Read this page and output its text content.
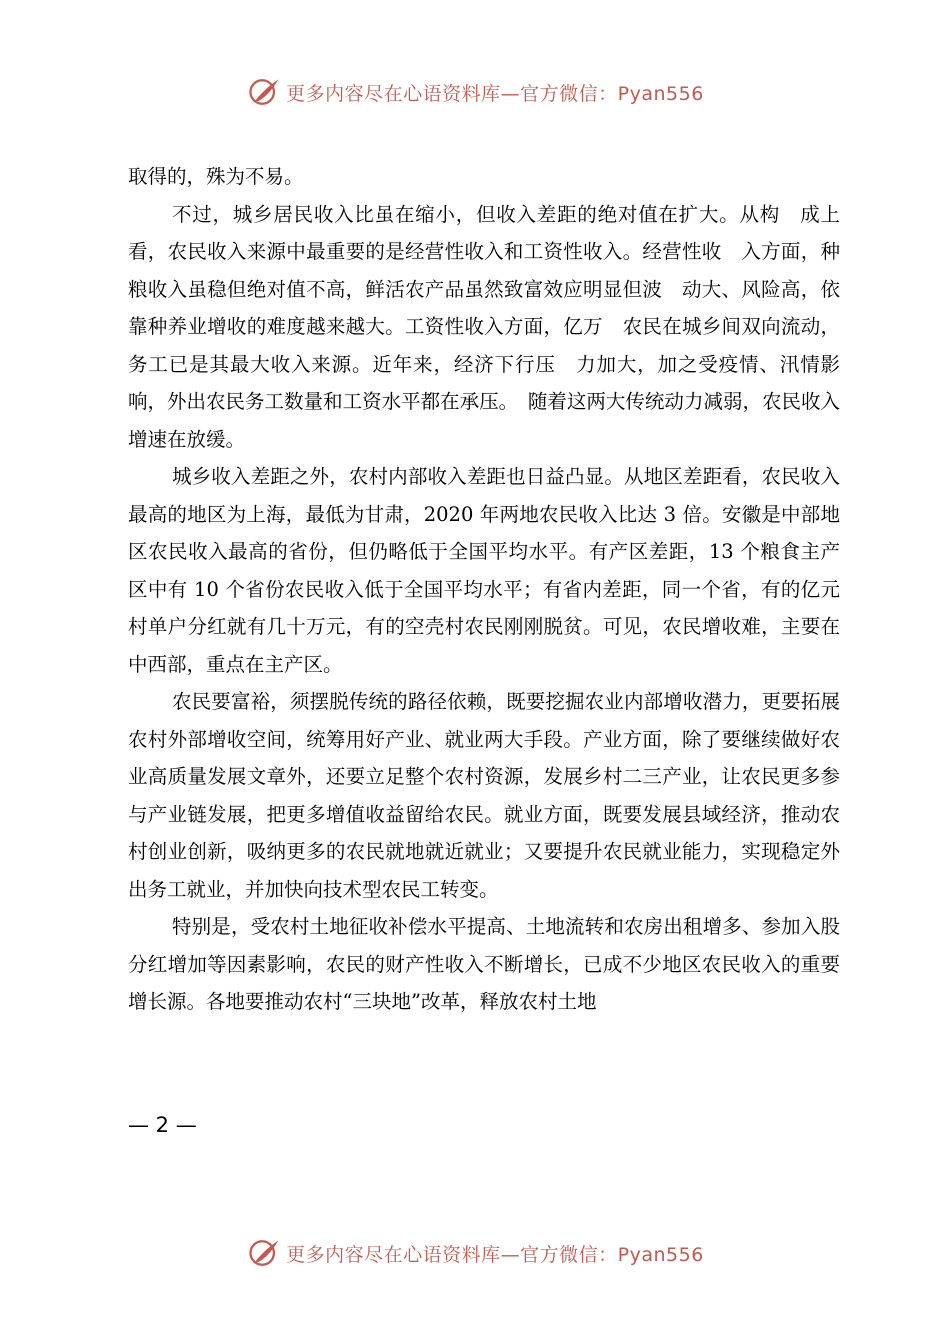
更多内容尽在心语资料库—官方微信：Pyan556

取得的，殊为不易。

不过，城乡居民收入比虽在缩小，但收入差距的绝对值在扩大。从构　成上看，农民收入来源中最重要的是经营性收入和工资性收入。经营性收　入方面，种粮收入虽稳但绝对值不高，鲜活农产品虽然致富效应明显但波　动大、风险高，依靠种养业增收的难度越来越大。工资性收入方面，亿万　农民在城乡间双向流动，务工已是其最大收入来源。近年来，经济下行压　力加大，加之受疫情、汛情影响，外出农民务工数量和工资水平都在承压。　随着这两大传统动力减弱，农民收入增速在放缓。

城乡收入差距之外，农村内部收入差距也日益凸显。从地区差距看，农民收入最高的地区为上海，最低为甘肃，2020 年两地农民收入比达 3 倍。安徽是中部地区农民收入最高的省份，但仍略低于全国平均水平。有产区差距，13 个粮食主产区中有 10 个省份农民收入低于全国平均水平；有省内差距，同一个省，有的亿元村单户分红就有几十万元，有的空壳村农民刚刚脱贫。可见，农民增收难，主要在中西部，重点在主产区。

农民要富裕，须摆脱传统的路径依赖，既要挖掘农业内部增收潜力，更要拓展农村外部增收空间，统筹用好产业、就业两大手段。产业方面，除了要继续做好农业高质量发展文章外，还要立足整个农村资源，发展乡村二三产业，让农民更多参与产业链发展，把更多增值收益留给农民。就业方面，既要发展县域经济，推动农村创业创新，吸纳更多的农民就地就近就业；又要提升农民就业能力，实现稳定外出务工就业，并加快向技术型农民工转变。

特别是，受农村土地征收补偿水平提高、土地流转和农房出租增多、参加入股分红增加等因素影响，农民的财产性收入不断增长，已成不少地区农民收入的重要增长源。各地要推动农村“三块地”改革，释放农村土地

— 2 —
更多内容尽在心语资料库—官方微信：Pyan556
